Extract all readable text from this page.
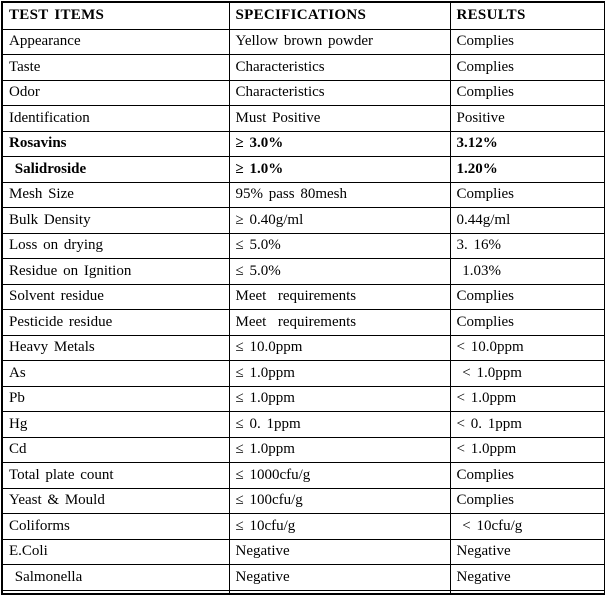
TEST ITEMS	SPECIFICATIONS	RESULTS
Appearance	Yellow brown powder	Complies
Taste	Characteristics	Complies
Odor	Characteristics	Complies
Identification	Must Positive	Positive
Rosavins	≥ 3.0%	3.12%
Salidroside	≥ 1.0%	1.20%
Mesh Size	95% pass 80mesh	Complies
Bulk Density	≥ 0.40g/ml	0.44g/ml
Loss on drying	≤ 5.0%	3. 16%
Residue on Ignition	≤ 5.0%	1.03%
Solvent residue	Meet  requirements	Complies
Pesticide residue	Meet  requirements	Complies
Heavy Metals	≤ 10.0ppm	< 10.0ppm
As	≤ 1.0ppm	< 1.0ppm
Pb	≤ 1.0ppm	< 1.0ppm
Hg	≤ 0. 1ppm	< 0. 1ppm
Cd	≤ 1.0ppm	< 1.0ppm
Total plate count	≤ 1000cfu/g	Complies
Yeast & Mould	≤ 100cfu/g	Complies
Coliforms	≤ 10cfu/g	< 10cfu/g
E.Coli	Negative	Negative
Salmonella	Negative	Negative
